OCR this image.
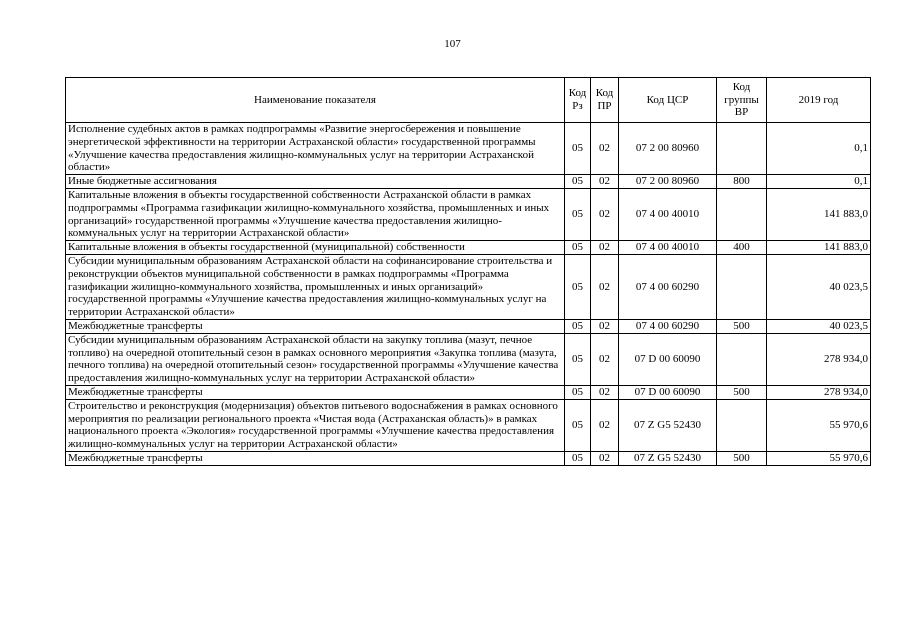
107
Наименование показателя	Код Рз	Код ПР	Код ЦСР	Код группы ВР	2019 год
Исполнение судебных актов в рамках подпрограммы «Развитие энергосбережения и повышение энергетической эффективности на территории Астраханской области» государственной программы «Улучшение качества предоставления жилищно-коммунальных услуг на территории Астраханской области»	05	02	07 2 00 80960		0,1
Иные бюджетные ассигнования	05	02	07 2 00 80960	800	0,1
Капитальные вложения в объекты государственной собственности Астраханской области в рамках подпрограммы «Программа газификации жилищно-коммунального хозяйства, промышленных и иных организаций» государственной программы «Улучшение качества предоставления жилищно-коммунальных услуг на территории Астраханской области»	05	02	07 4 00 40010		141 883,0
Капитальные вложения в объекты государственной (муниципальной) собственности	05	02	07 4 00 40010	400	141 883,0
Субсидии муниципальным образованиям Астраханской области на софинансирование строительства и реконструкции объектов муниципальной собственности в рамках подпрограммы «Программа газификации жилищно-коммунального хозяйства, промышленных и иных организаций» государственной программы «Улучшение качества предоставления жилищно-коммунальных услуг на территории Астраханской области»	05	02	07 4 00 60290		40 023,5
Межбюджетные трансферты	05	02	07 4 00 60290	500	40 023,5
Субсидии муниципальным образованиям Астраханской области на закупку топлива (мазут, печное топливо) на очередной отопительный сезон в рамках основного мероприятия «Закупка топлива (мазута, печного топлива) на очередной отопительный сезон» государственной программы «Улучшение качества предоставления жилищно-коммунальных услуг на территории Астраханской области»	05	02	07 D 00 60090		278 934,0
Межбюджетные трансферты	05	02	07 D 00 60090	500	278 934,0
Строительство и реконструкция (модернизация) объектов питьевого водоснабжения в рамках основного мероприятия по реализации регионального проекта «Чистая вода (Астраханская область)» в рамках национального проекта «Экология» государственной программы «Улучшение качества предоставления жилищно-коммунальных услуг на территории Астраханской области»	05	02	07 Z G5 52430		55 970,6
Межбюджетные трансферты	05	02	07 Z G5 52430	500	55 970,6
